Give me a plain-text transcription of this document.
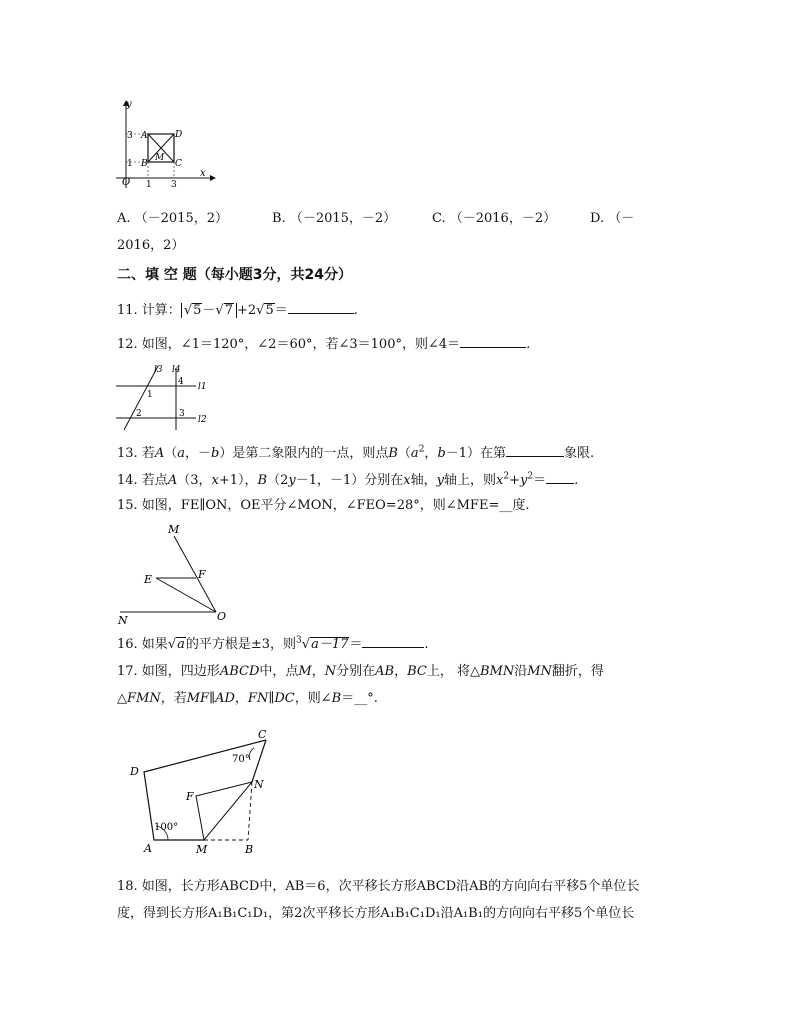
y
x
O
3
1
1 3
A
B	C
D
M
A. （－2015，2）	B. （－2015，－2）	C. （－2016，－2）	D. （－
2016，2）
二、填 空 题（每小题3分，共24分）
11. 计算： √5－√7 +2√5＝	.
12. 如图，∠1＝120°，∠2＝60°，若∠3＝100°，则∠4＝	.
l3 l4
l1
l2
1
2	3
4
13. 若A（a，－b）是第二象限内的一点，则点$B(a^2$，b－1）在第	象限.
14. 若点A（3，x+1），B（2y－1，－1）分别在x轴，y轴上，则$x^2+y^2=$ .
15. 如图，FE∥ON，OE平分∠MON，∠FEO=28°，则∠MFE=__度.
M
E	F
N	O
16. 如果√a的平方根是±3，则$^3$√a－17＝	.
17. 如图，四边形ABCD中，点M，N分别在AB，BC上， 将△BMN沿MN翻折，得
△FMN，若MF∥AD，FN∥DC，则∠B＝__°.
C
D
N
F
A	M	B
70°
100°
18. 如图，长方形ABCD中，AB＝6，次平移长方形ABCD沿AB的方向向右平移5个单位长
度，得到长方形A₁B₁C₁D₁，第2次平移长方形A₁B₁C₁D₁沿A₁B₁的方向向右平移5个单位长
